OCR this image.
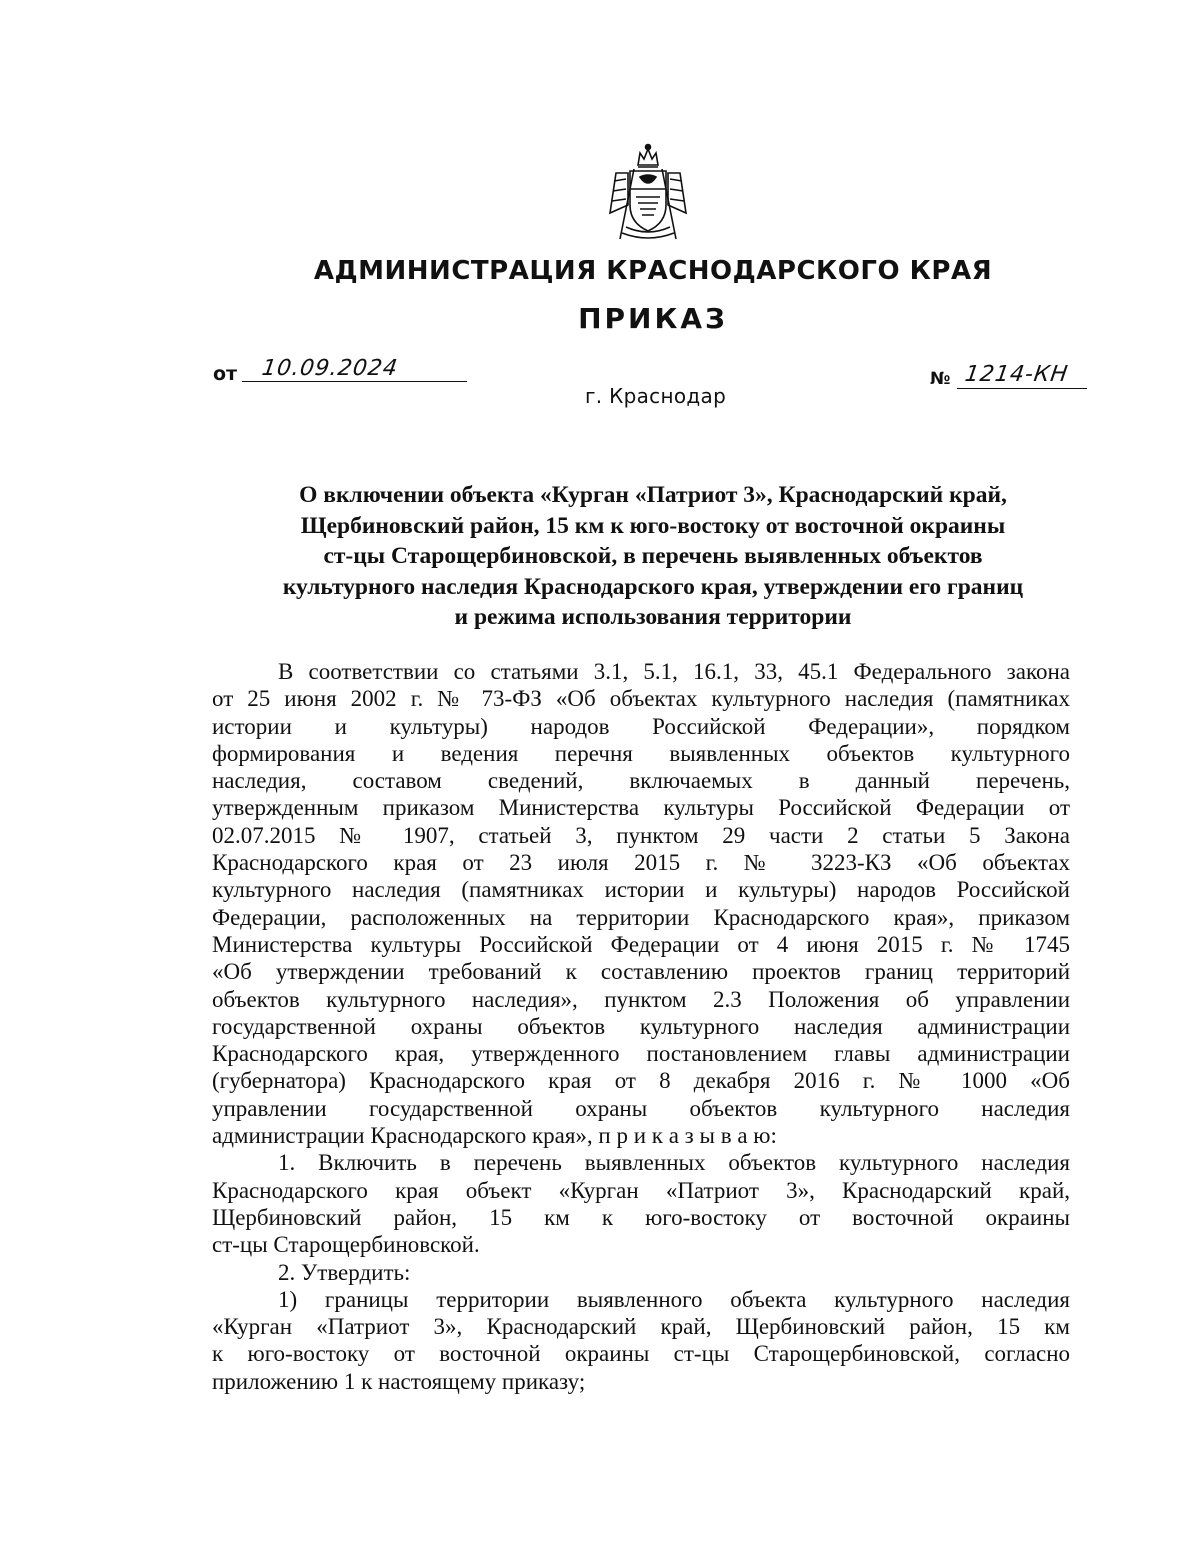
АДМИНИСТРАЦИЯ КРАСНОДАРСКОГО КРАЯ
ПРИКАЗ
от 10.09.2024
г. Краснодар
№ 1214-КН
О включении объекта «Курган «Патриот 3», Краснодарский край,
Щербиновский район, 15 км к юго-востоку от восточной окраины
ст-цы Старощербиновской, в перечень выявленных объектов
культурного наследия Краснодарского края, утверждении его границ
и режима использования территории
В соответствии со статьями 3.1, 5.1, 16.1, 33, 45.1 Федерального закона
от 25 июня 2002 г. № 73-ФЗ «Об объектах культурного наследия (памятниках
истории и культуры) народов Российской Федерации», порядком
формирования и ведения перечня выявленных объектов культурного
наследия, составом сведений, включаемых в данный перечень,
утвержденным приказом Министерства культуры Российской Федерации от
02.07.2015 № 1907, статьей 3, пунктом 29 части 2 статьи 5 Закона
Краснодарского края от 23 июля 2015 г. № 3223-КЗ «Об объектах
культурного наследия (памятниках истории и культуры) народов Российской
Федерации, расположенных на территории Краснодарского края», приказом
Министерства культуры Российской Федерации от 4 июня 2015 г. № 1745
«Об утверждении требований к составлению проектов границ территорий
объектов культурного наследия», пунктом 2.3 Положения об управлении
государственной охраны объектов культурного наследия администрации
Краснодарского края, утвержденного постановлением главы администрации
(губернатора) Краснодарского края от 8 декабря 2016 г. № 1000 «Об
управлении государственной охраны объектов культурного наследия
администрации Краснодарского края», п р и к а з ы в а ю:
1. Включить в перечень выявленных объектов культурного наследия
Краснодарского края объект «Курган «Патриот 3», Краснодарский край,
Щербиновский район, 15 км к юго-востоку от восточной окраины
ст-цы Старощербиновской.
2. Утвердить:
1) границы территории выявленного объекта культурного наследия
«Курган «Патриот 3», Краснодарский край, Щербиновский район, 15 км
к юго-востоку от восточной окраины ст-цы Старощербиновской, согласно
приложению 1 к настоящему приказу;
